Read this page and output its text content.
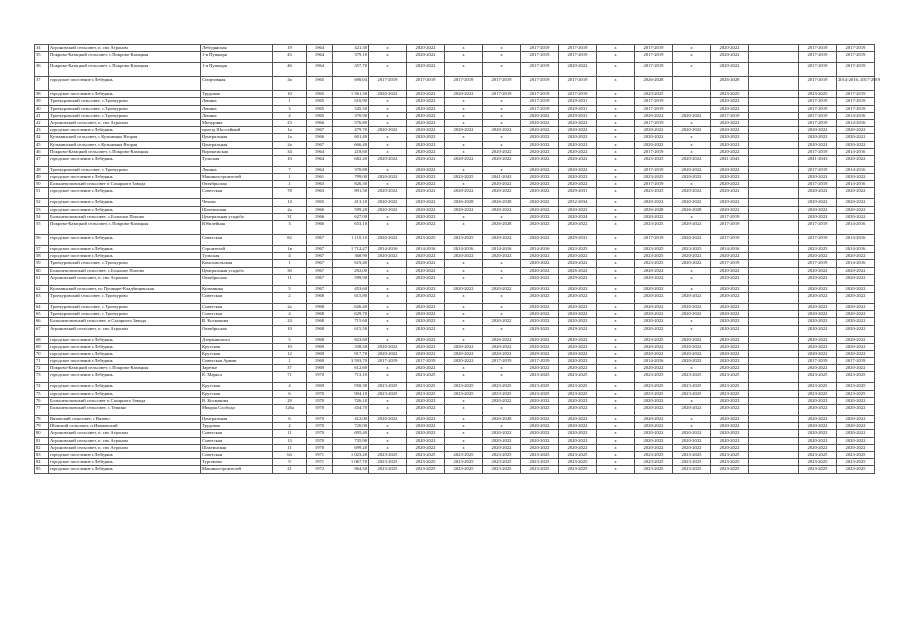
34	Агроновский сельсовет, п. свх Агроном	Лебедянская	19	1964	421,30	x	2020-2022	x	x	2017-2019	2017-2019	x	2017-2019	x	2020-2022		2017-2019	2017-2019
35	Покрово-Казацкий сельсовет, с.Покрово-Казацкая	1-я Пушкаря	43	1964	379,10	x	2020-2022	x	x	2017-2019	2017-2019	x	2017-2019	x	2020-2022		2017-2019	2017-2019
36	Покрово-Казацкий сельсовет, с.Покрово-Казацкая	1-я Пушкаря	46	1964	357,70	x	2020-2022	x	x	2017-2019	2020-2022	x	2017-2019	x	2020-2022		2017-2019	2017-2019
37	городское поселение г.Лебедянь	Спортивная	4а	1965	690,04	2017-2019	2017-2019	2017-2019	2017-2019	2017-2019	2017-2019	x	2026-2028		2026-2028		2017-2019	2014-2016, 2017-2019
38	городское поселение г.Лебедянь	Трудовая	10	1965	1 561,30	2020-2022	2020-2022	2020-2022	2017-2019	2017-2019	2017-2019	x	2023-2025		2023-2025		2023-2025	2017-2019
39	Троекуровский сельсовет, с.Троекурово	Ленина	1	1965	610,90	x	2020-2022	x	x	2017-2019	2029-2031	x	2017-2019		2020-2022		2017-2019	2017-2019
40	Троекуровский сельсовет, с.Троекурово	Ленина	3	1965	545,50	x	2020-2022	x	x	2017-2019	2029-2031	x	2017-2019		2020-2022		2017-2019	2017-2019
41	Троекуровский сельсовет, с.Троекурово	Ленина	4	1965	370,90	x	2020-2022	x	x	2020-2022	2029-2031	x	2020-2022	2020-2022	2017-2019		2017-2019	2014-2016
42	Агроновский сельсовет, п. свх Агроном	Мичурина	23	1966	576,80	x	2020-2022	x	x	2020-2022	2020-2022	x	2017-2019	x	2020-2022		2017-2019	2014-2016
43	городское поселение г.Лебедянь	проезд Шоссейный	1а	1967	479,70	2020-2022	2020-2022	2020-2022	2020-2022	2020-2022	2020-2022	x	2020-2022	2020-2022	2020-2022		2020-2022	2020-2022
44	Кузьминский сельсовет, с Кузьминка Вторая	Центральная	1а	1966	601,40	x	2020-2022	x	x	2020-2022	2020-2022	x	2020-2022	x	2020-2022		2020-2022	2020-2022
45	Кузьминский сельсовет, с Кузьминка Вторая	Центральная	2а	1967	666,40	x	2020-2022	x	x	2020-2022	2020-2022	x	2020-2022	x	2020-2022		2020-2022	2020-2022
46	Покрово-Казацкий сельсовет, с.Покрово-Казацкая	Воронежская	34	1964	218,60	x	2020-2022	x	2020-2022	2020-2022	2020-2022	x	2017-2019	x	2020-2022		2017-2019	2014-2016
47	городское поселение г.Лебедянь	Тульская	10	1964	682,20	2020-2022	2020-2022	2020-2022	2020-2022	2020-2022	2020-2022	x	2023-2025	2020-2022	2041-2043		2041-2043	2020-2022
48	Троекуровский сельсовет, с.Троекурово	Ленина	7	1964	370,80	x	2020-2022	x	x	2020-2022	2020-2022	x	2017-2019	2020-2022	2020-2022		2017-2019	2014-2016
49	городское поселение г.Лебедянь	Машиностроителей	1	1961	799,00	2020-2022	2020-2022	2023-2025	2041-2043	2020-2022	2020-2022	x	2023-2025	2020-2022	2020-2022		2020-2022	2020-2022
50	Большепоповский сельсовет п Сахарного Завода	Октябрьская	1	1963	826,30	x	2020-2022	x	2020-2022	2020-2022	2020-2022	x	2017-2019	x	2020-2022		2017-2019	2014-2016
51	городское поселение г.Лебедянь	Советская	78	1963	891,50	2020-2022	2020-2022	2020-2022	2020-2022	2020-2022	2029-2031	x	2023-2025	2020-2022	2020-2022		2020-2022	2020-2022
52	городское поселение г.Лебедянь	Чехова	14	1965	413,10	2020-2022	2020-2022	2026-2028	2026-2028	2020-2022	2032-2034	x	2020-2022	2020-2022	2020-2022		2020-2022	2020-2022
53	городское поселение г.Лебедянь	Шахтинская	2а	1966	599,20	2020-2022	2020-2022	2020-2022	2020-2022	2020-2022	2020-2022	x	2026-2028	2026-2028	2020-2022		2020-2022	2020-2022
54	Большепоповский сельсовет, с.Большое Попово	Центральная усадьба	31	1966	627,00	x	2020-2022	x	x	2020-2022	2020-2024	x	2020-2022	x	2017-2019		2020-2022	2020-2022
55	Покрово-Казацкий сельсовет, с.Покрово-Казацкая	Юбилейная	3	1966	653,10	x	2020-2022	x	2026-2028	2020-2022	2020-2022	x	2023-2025	2020-2022	2017-2019		2017-2019	2014-2016
56	городское поселение г.Лебедянь	Советская	82	1967	1 110,10	2020-2022	2023-2025	2023-2025	2020-2022	2020-2022	2029-2031	x	2017-2019	2020-2022	2017-2019		2017-2019	2014-2016
57	городское поселение г.Лебедянь	Строителей	1в	1967	1 712,27	2014-2016	2014-2016	2014-2016	2014-2016	2014-2016	2023-2025	x	2023-2025	2023-2025	2014-2016		2023-2025	2014-2016
58	городское поселение г.Лебедянь	Тульская	4	1967	368,90	2020-2022	2020-2022	2020-2022	2020-2022	2020-2022	2020-2022	x	2023-2025	2020-2022	2020-2022		2020-2022	2020-2022
59	Троекуровский сельсовет, с.Троекурово	Комсомольская	1	1967	619,40	x	2020-2022	x	x	2020-2022	2020-2022	x	2023-2025	2020-2022	2017-2019		2017-2019	2014-2016
60	Большепоповский сельсовет, с.Большое Попово	Центральная усадьба	30	1967	292,00	x	2020-2022	x	x	2020-2022	2026-2022	x	2020-2022	x	2020-2022		2020-2022	2020-2022
61	Агроновский сельсовет, п. свх Агроном	Октябрьская	11	1967	599,90	x	2020-2022	x	x	2020-2022	2029-2022	x	2020-2022	x	2020-2022		2020-2022	2020-2022
62	Кузьминский сельсовет, пс Пушкаре-Кладбищенская	Кузьминка	5	1967	453,60	x	2020-2022	2020-2022	2020-2022	2020-2022	2020-2022	x	2020-2022	x	2020-2022		2020-2022	2020-2022
63	Троекуровский сельсовет, с.Троекурово	Советская	2	1968	615,80	x	2020-2022	x	x	2020-2022	2020-2022	x	2020-2022	2020-2022	2020-2022		2020-2022	2020-2022
64	Троекуровский сельсовет, с.Троекурово	Советская	2а	1968	626,40	x	2020-2022	x	x	2020-2022	2020-2022	x	2020-2022	2020-2022	2020-2022		2020-2022	2020-2022
65	Троекуровский сельсовет, с.Троекурово	Советская	4	1968	629,70	x	2020-2022	x	x	2020-2022	2020-2022	x	2020-2022	2020-2022	2020-2022		2020-2022	2020-2022
66	Большепоповский сельсовет, п.Сахарного Завода	В. Космакова	24	1968	715,60	x	2020-2022	x	2020-2022	2020-2022	2020-2022	x	2020-2022	x	2020-2022		2020-2022	2020-2022
67	Агроновский сельсовет, п. свх Агроном	Октябрьская	10	1968	615,50	x	2020-2022	x	x	2029-2022	2029-2022	x	2020-2022	x	2020-2022		2020-2022	2020-2022
68	городское поселение г.Лебедянь	Дзержинского	5	1968	823,60	x	2020-2022	x	2026-2022	2020-2022	2020-2022	x	2023-2025	2020-2022	2020-2022		2020-2022	2020-2022
69	городское поселение г.Лебедянь	Крутская	10	1969	338,50	2020-2022	2020-2022	2020-2022	2020-2022	2020-2022	2020-2022	x	2020-2022	2020-2022	2020-2022		2020-2022	2020-2022
70	городское поселение г.Лебедянь	Крутская	12	1969	917,70	2020-2022	2020-2022	2020-2022	2020-2022	2029-2022	2020-2022	x	2020-2022	2020-2022	2020-2022		2020-2022	2020-2022
71	городское поселение г.Лебедянь	Советская Армии	1	1969	3 593,70	2017-2019	2017-2019	2020-2022	2017-2019	2017-2019	2020-2022	x	2014-2016	2020-2022	2020-2022		2017-2019	2017-2019
72	Покрово-Казацкий сельсовет, с.Покрово-Казацкая	Заречье	37	1969	612,60	x	2020-2022	x	x	2020-2022	2020-2022	x	2020-2022	x	2020-2022		2020-2022	2020-2022
73	городское поселение г.Лебедянь	К. Маркса	71	1970	713,10	x	2023-2025	x	x	2023-2025	2023-2025	x	2023-2025	2023-2025	2023-2025		2023-2025	2023-2025
74	городское поселение г.Лебедянь	Крутская	4	1969	958,30	2023-2025	2023-2025	2023-2025	2023-2025	2023-2025	2023-2025	x	2023-2025	2023-2025	2023-2025		2023-2025	2023-2025
75	городское поселение г.Лебедянь	Крутская	6	1970	904,10	2023-2025	2023-2025	2023-2025	2023-2025	2023-2025	2023-2025	x	2023-2025	2023-2025	2023-2025		2023-2025	2023-2025
76	Большепоповский сельсовет п Сахарного Завода	В. Космакова	29	1970	726,10	x	2020-2022	x	2020-2022	2020-2022	2020-2022	x	2020-2022	x	2020-2022		2020-2022	2020-2022
77	Большепоповский сельсовет, с.Тешино	Мокрая Слобода	126а	1970	434,70	x	2020-2022	x	x	2020-2022	2020-2022	x	2020-2022	2020-2022	2020-2022		2020-2022	2020-2022
78	Вязовский сельсовет, с Вязово	Центральная	6	1970	412,00	2020-2022	2020-2022	x	2026-2028	2020-2022	2020-2022	x	2020-2022	x	2020-2022		2020-2022	2020-2022
79	Шовский сельсовет, п.Ивановский	Трудовая	2	1970	720,00	x	2020-2022	x	x	2020-2022	2020-2022	x	2020-2022	x	2020-2022		2020-2022	2020-2022
80	Агроновский сельсовет, п. свх Агроном	Советская	11	1970	695,40	x	2020-2022	x	2020-2022	2020-2022	2020-2022	x	2020-2022	2020-2022	2020-2022		2020-2022	2020-2022
81	Агроновский сельсовет, п. свх Агроном	Советская	13	1970	735,90	x	2020-2022	x	2020-2022	2020-2022	2020-2022	x	2020-2022	2020-2022	2020-2022		2020-2022	2020-2022
82	Агроновский сельсовет, п. свх Агроном	Шахтинская	11	1970	699,20	x	2020-2022	x	2020-2022	2020-2022	2020-2022	x	2020-2022	2020-2022	2020-2022		2020-2022	2020-2022
83	городское поселение г.Лебедянь	Советская	64	1971	1 023,20	2023-2025	2023-2025	2023-2025	2023-2025	2023-2025	2023-2025	x	2023-2025	2023-2025	2023-2025		2023-2025	2023-2025
84	городское поселение г.Лебедянь	Тургенева	9	1971	1 067,70	2023-2025	2023-2025	2023-2025	2023-2025	2023-2025	2023-2025	x	2023-2025	2023-2025	2023-2025		2023-2025	2023-2025
85	городское поселение г.Лебедянь	Машиностроителей	21	1972	864,50	2023-2025	2023-2025	2023-2025	2023-2025	2023-2025	2023-2025	x	2023-2025	2023-2025	2023-2025		2023-2025	2023-2025
